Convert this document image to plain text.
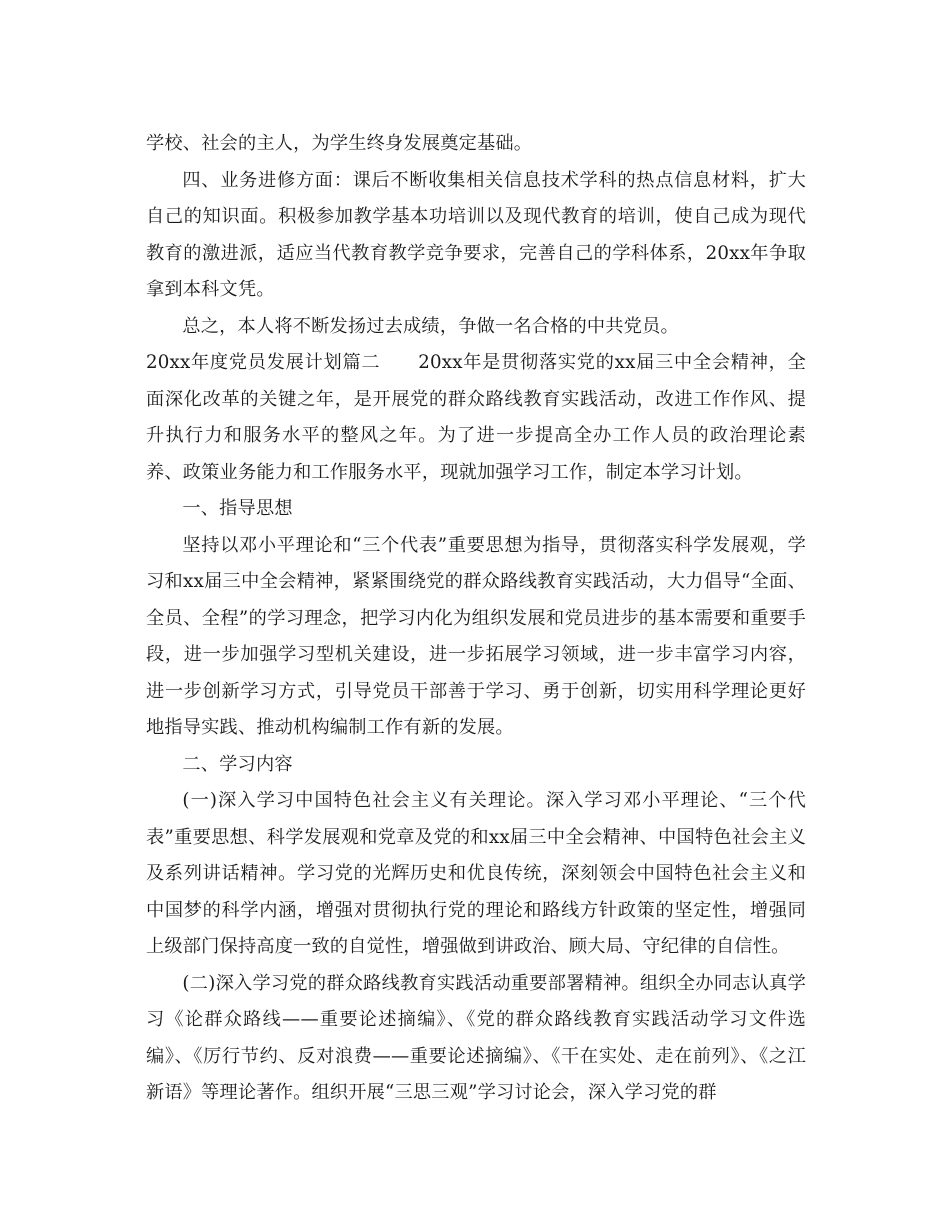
学校、社会的主人，为学生终身发展奠定基础。

四、业务进修方面：课后不断收集相关信息技术学科的热点信息材料，扩大自己的知识面。积极参加教学基本功培训以及现代教育的培训，使自己成为现代教育的激进派，适应当代教育教学竞争要求，完善自己的学科体系，20xx年争取拿到本科文凭。

总之，本人将不断发扬过去成绩，争做一名合格的中共党员。

20xx年度党员发展计划篇二　　20xx年是贯彻落实党的xx届三中全会精神，全面深化改革的关键之年，是开展党的群众路线教育实践活动，改进工作作风、提升执行力和服务水平的整风之年。为了进一步提高全办工作人员的政治理论素养、政策业务能力和工作服务水平，现就加强学习工作，制定本学习计划。

一、指导思想

坚持以邓小平理论和“三个代表”重要思想为指导，贯彻落实科学发展观，学习和xx届三中全会精神，紧紧围绕党的群众路线教育实践活动，大力倡导“全面、全员、全程”的学习理念，把学习内化为组织发展和党员进步的基本需要和重要手段，进一步加强学习型机关建设，进一步拓展学习领域，进一步丰富学习内容，进一步创新学习方式，引导党员干部善于学习、勇于创新，切实用科学理论更好地指导实践、推动机构编制工作有新的发展。

二、学习内容

(一)深入学习中国特色社会主义有关理论。深入学习邓小平理论、“三个代表”重要思想、科学发展观和党章及党的和xx届三中全会精神、中国特色社会主义及系列讲话精神。学习党的光辉历史和优良传统，深刻领会中国特色社会主义和中国梦的科学内涵，增强对贯彻执行党的理论和路线方针政策的坚定性，增强同上级部门保持高度一致的自觉性，增强做到讲政治、顾大局、守纪律的自信性。

(二)深入学习党的群众路线教育实践活动重要部署精神。组织全办同志认真学习《论群众路线——重要论述摘编》、《党的群众路线教育实践活动学习文件选编》、《厉行节约、反对浪费——重要论述摘编》、《干在实处、走在前列》、《之江新语》等理论著作。组织开展“三思三观”学习讨论会，深入学习党的群
